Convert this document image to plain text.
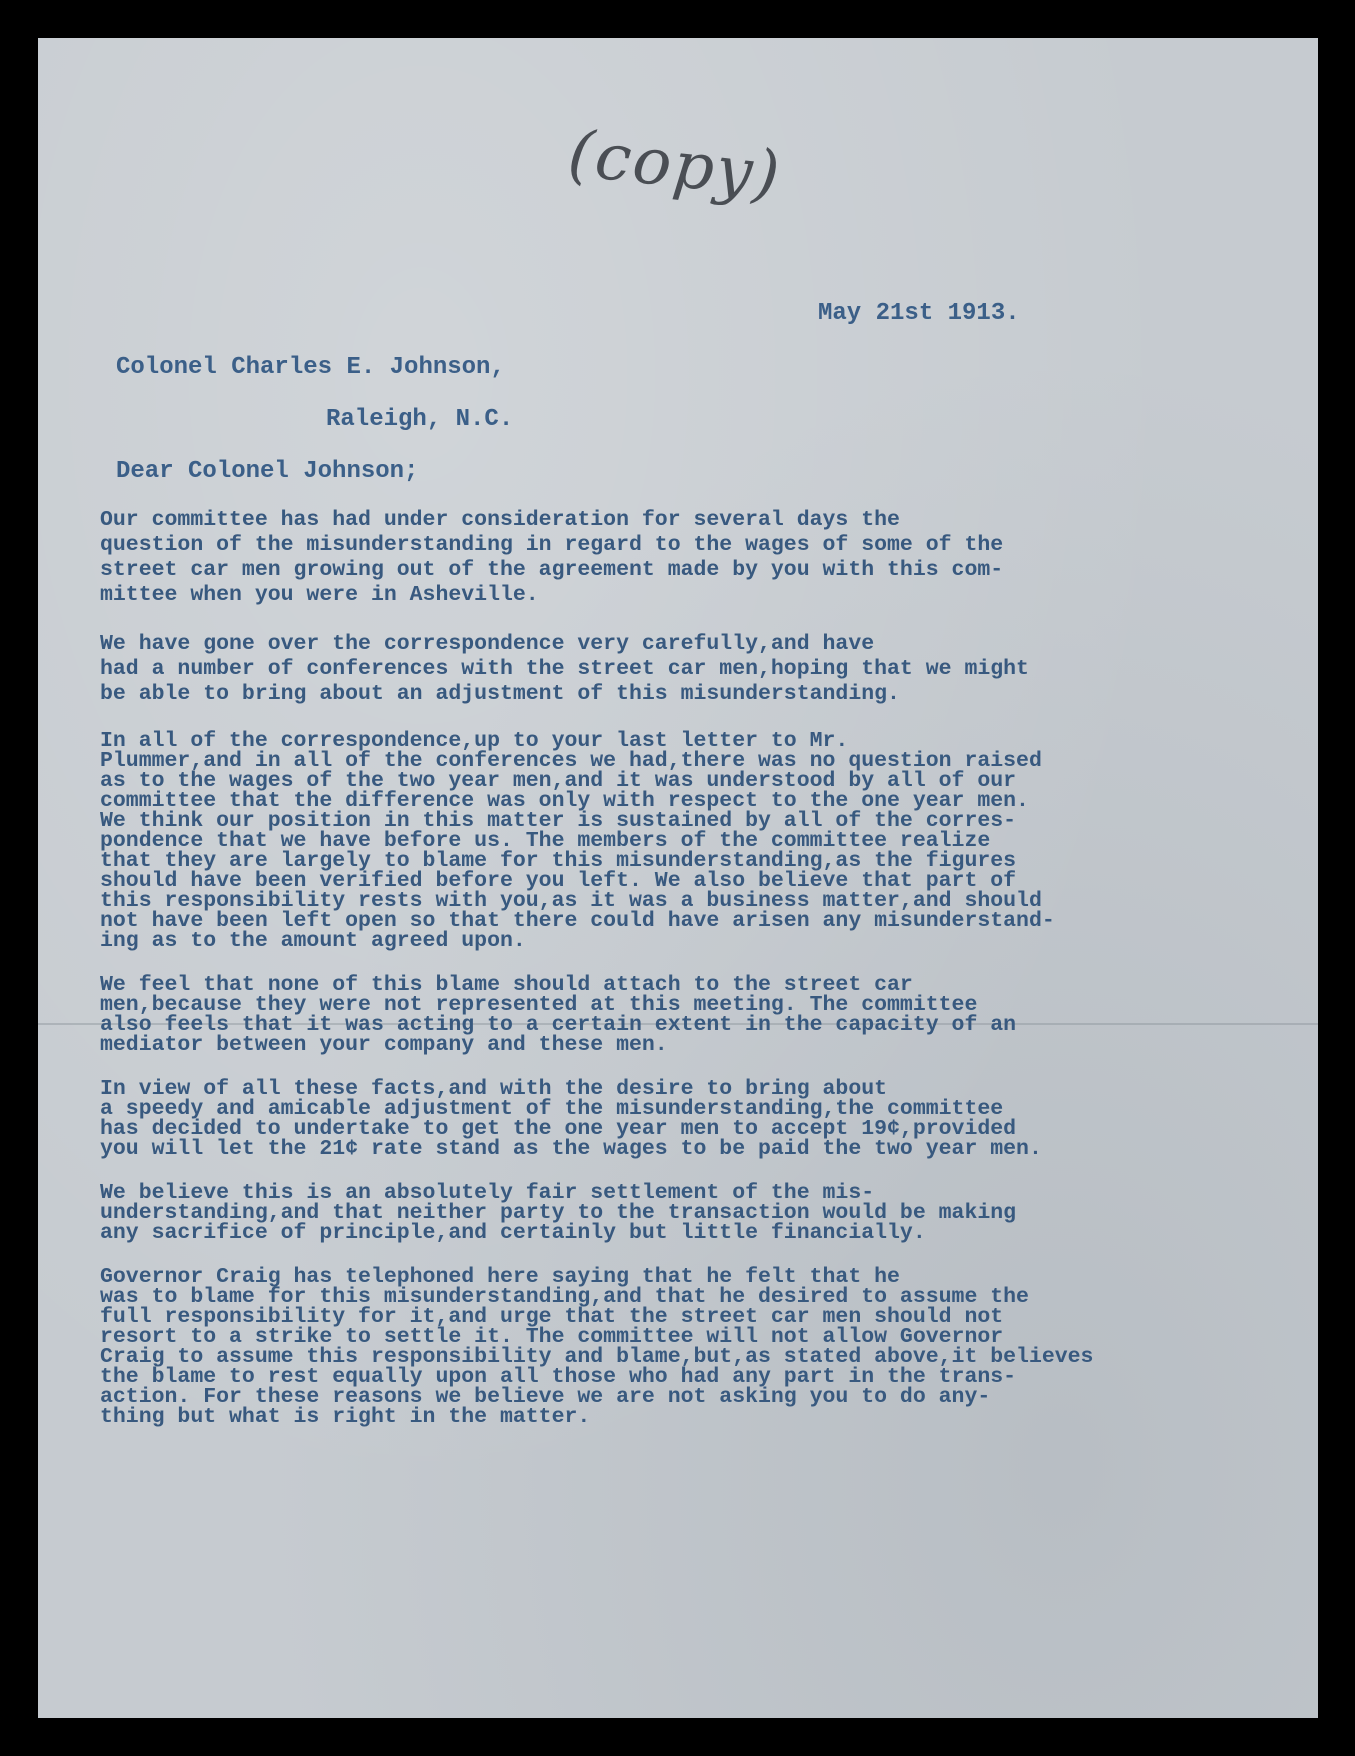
(copy)
May 21st 1913.
Colonel Charles E. Johnson,
Raleigh, N.C.
Dear Colonel Johnson;

Our committee has had under consideration for several days the
question of the misunderstanding in regard to the wages of some of the
street car men growing out of the agreement made by you with this com-
mittee when you were in Asheville.

We have gone over the correspondence very carefully,and have
had a number of conferences with the street car men,hoping that we might
be able to bring about an adjustment of this misunderstanding.

In all of the correspondence,up to your last letter to Mr.
Plummer,and in all of the conferences we had,there was no question raised
as to the wages of the two year men,and it was understood by all of our
committee that the difference was only with respect to the one year men.
We think our position in this matter is sustained by all of the corres-
pondence that we have before us. The members of the committee realize
that they are largely to blame for this misunderstanding,as the figures
should have been verified before you left. We also believe that part of
this responsibility rests with you,as it was a business matter,and should
not have been left open so that there could have arisen any misunderstand-
ing as to the amount agreed upon.

We feel that none of this blame should attach to the street car
men,because they were not represented at this meeting. The committee
also feels that it was acting to a certain extent in the capacity of an
mediator between your company and these men.

In view of all these facts,and with the desire to bring about
a speedy and amicable adjustment of the misunderstanding,the committee
has decided to undertake to get the one year men to accept 19¢,provided
you will let the 21¢ rate stand as the wages to be paid the two year men.

We believe this is an absolutely fair settlement of the mis-
understanding,and that neither party to the transaction would be making
any sacrifice of principle,and certainly but little financially.

Governor Craig has telephoned here saying that he felt that he
was to blame for this misunderstanding,and that he desired to assume the
full responsibility for it,and urge that the street car men should not
resort to a strike to settle it. The committee will not allow Governor
Craig to assume this responsibility and blame,but,as stated above,it believes
the blame to rest equally upon all those who had any part in the trans-
action. For these reasons we believe we are not asking you to do any-
thing but what is right in the matter.
